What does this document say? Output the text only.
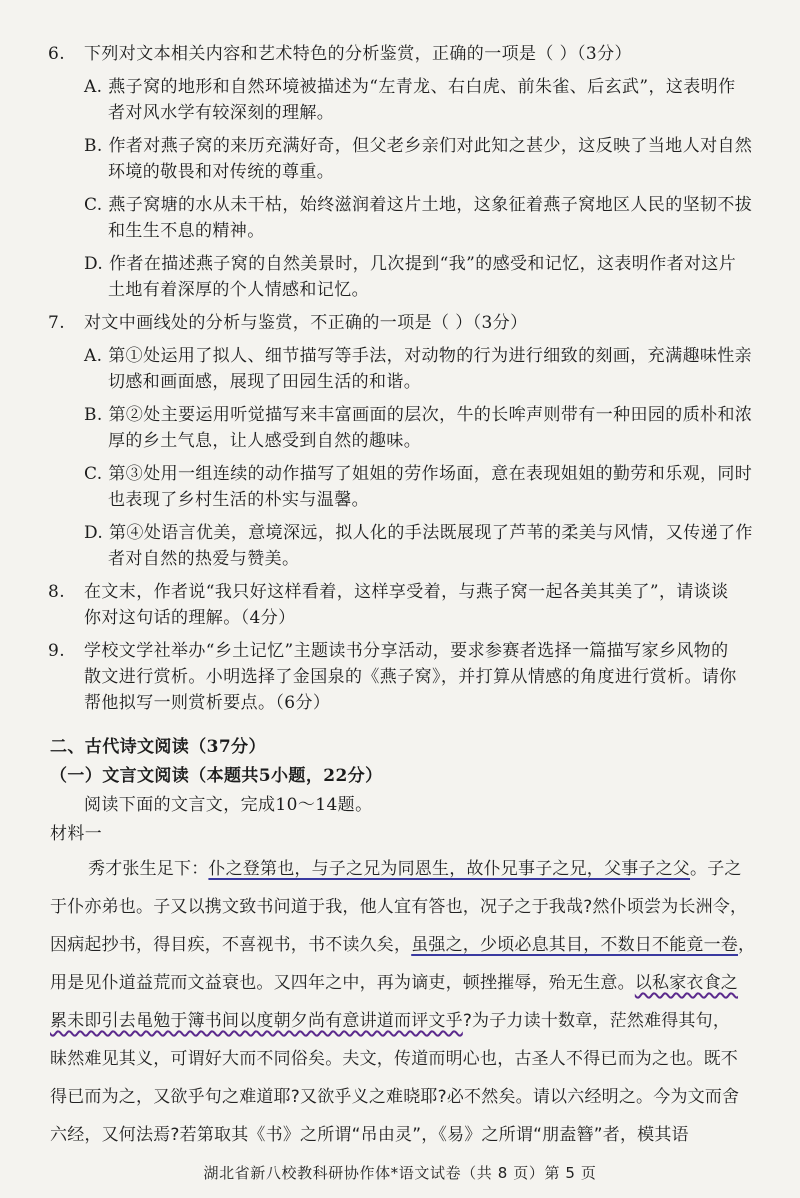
6. 下列对文本相关内容和艺术特色的分析鉴赏，正确的一项是（ ）（3分）
A. 燕子窝的地形和自然环境被描述为“左青龙、右白虎、前朱雀、后玄武”，这表明作
者对风水学有较深刻的理解。
B. 作者对燕子窝的来历充满好奇，但父老乡亲们对此知之甚少，这反映了当地人对自然
环境的敬畏和对传统的尊重。
C. 燕子窝塘的水从未干枯，始终滋润着这片土地，这象征着燕子窝地区人民的坚韧不拔
和生生不息的精神。
D. 作者在描述燕子窝的自然美景时，几次提到“我”的感受和记忆，这表明作者对这片
土地有着深厚的个人情感和记忆。
7. 对文中画线处的分析与鉴赏，不正确的一项是（ ）（3分）
A. 第①处运用了拟人、细节描写等手法，对动物的行为进行细致的刻画，充满趣味性亲
切感和画面感，展现了田园生活的和谐。
B. 第②处主要运用听觉描写来丰富画面的层次，牛的长哞声则带有一种田园的质朴和浓
厚的乡土气息，让人感受到自然的趣味。
C. 第③处用一组连续的动作描写了姐姐的劳作场面，意在表现姐姐的勤劳和乐观，同时
也表现了乡村生活的朴实与温馨。
D. 第④处语言优美，意境深远，拟人化的手法既展现了芦苇的柔美与风情，又传递了作
者对自然的热爱与赞美。
8. 在文末，作者说“我只好这样看着，这样享受着，与燕子窝一起各美其美了”，请谈谈
你对这句话的理解。（4分）
9. 学校文学社举办“乡土记忆”主题读书分享活动，要求参赛者选择一篇描写家乡风物的
散文进行赏析。小明选择了金国泉的《燕子窝》，并打算从情感的角度进行赏析。请你
帮他拟写一则赏析要点。（6分）
二、古代诗文阅读（37分）
（一）文言文阅读（本题共5小题，22分）
阅读下面的文言文，完成10～14题。
材料一
秀才张生足下：仆之登第也，与子之兄为同恩生，故仆兄事子之兄，父事子之父。子之
于仆亦弟也。子又以携文致书问道于我，他人宜有答也，况子之于我哉?然仆顷尝为长洲令，
因病起抄书，得目疾，不喜视书，书不读久矣，虽强之，少顷必息其目，不数日不能竟一卷，
用是见仆道益荒而文益衰也。又四年之中，再为谪吏，顿挫摧辱，殆无生意。以私家衣食之
累未即引去黾勉于簿书间以度朝夕尚有意讲道而评文乎?为子力读十数章，茫然难得其句，
昧然难见其义，可谓好大而不同俗矣。夫文，传道而明心也，古圣人不得已而为之也。既不
得已而为之，又欲乎句之难道耶?又欲乎义之难晓耶?必不然矣。请以六经明之。今为文而舍
六经，又何法焉?若第取其《书》之所谓“吊由灵”，《易》之所谓“朋盍簪”者，模其语
湖北省新八校教科研协作体*语文试卷（共 8 页）第 5 页
